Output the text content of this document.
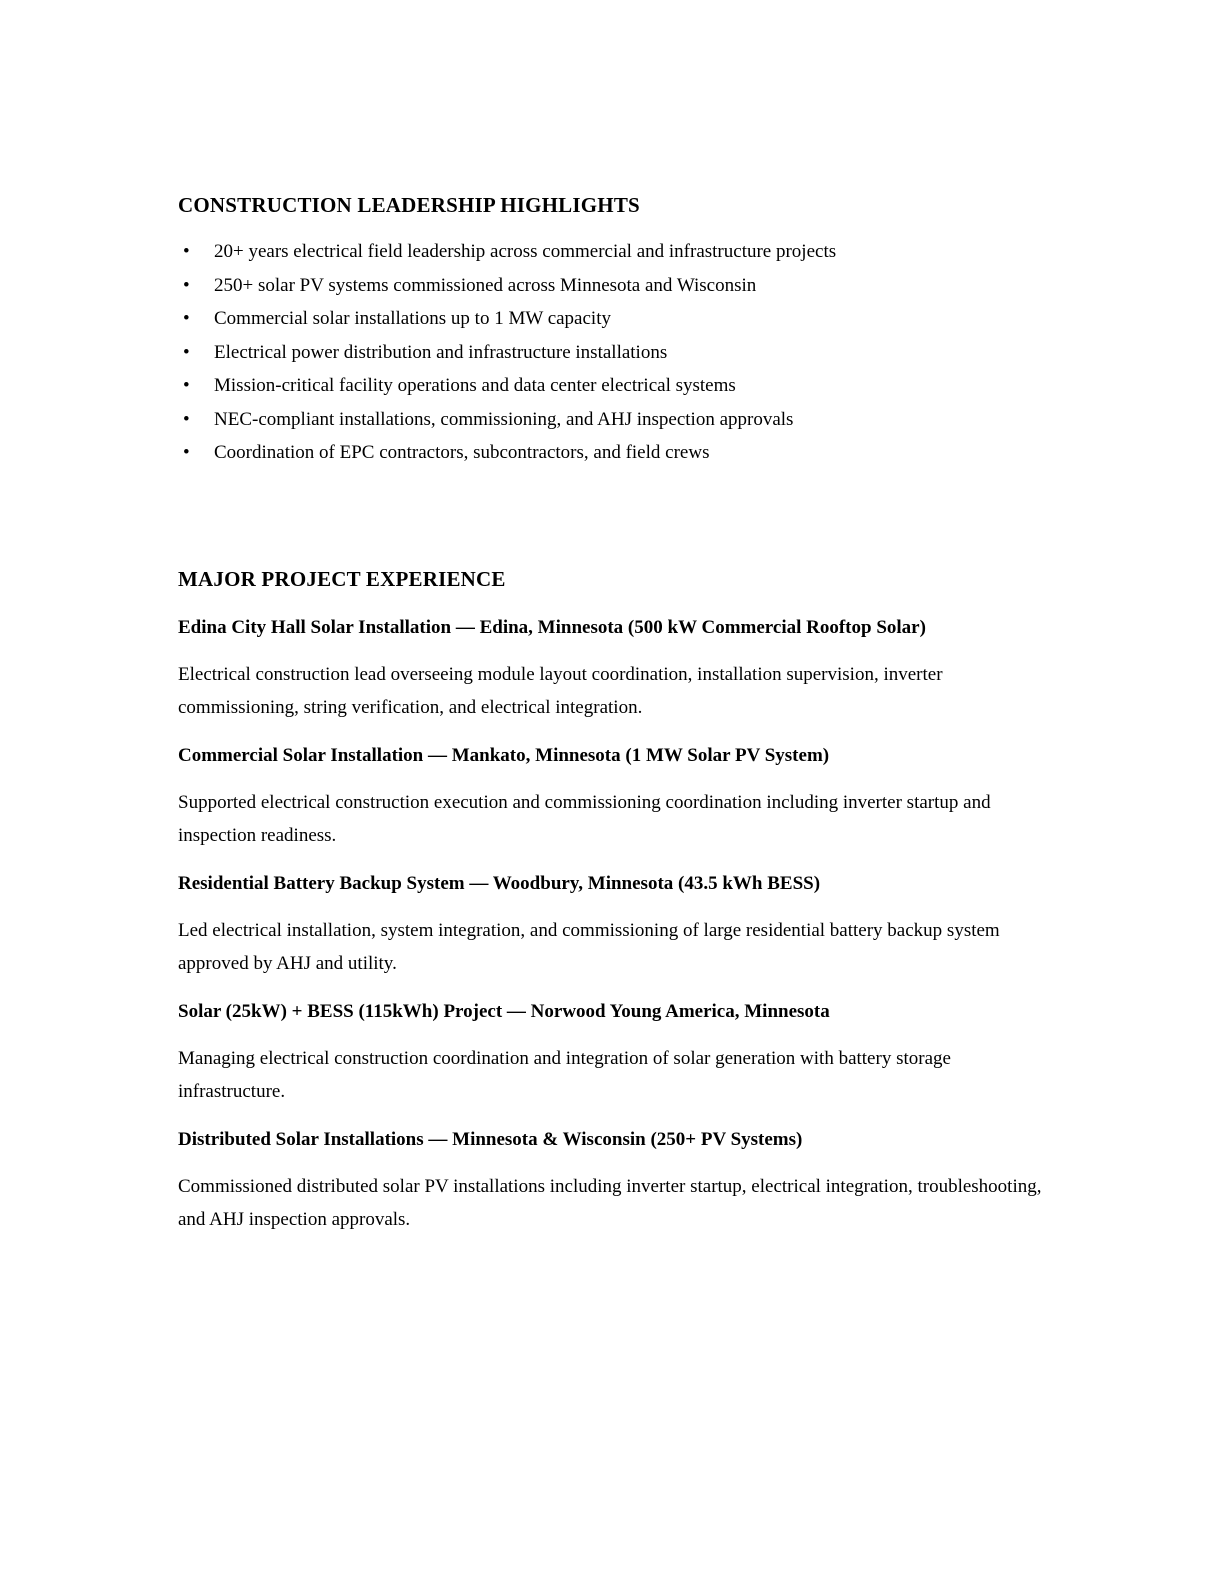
CONSTRUCTION LEADERSHIP HIGHLIGHTS
• 20+ years electrical field leadership across commercial and infrastructure projects
• 250+ solar PV systems commissioned across Minnesota and Wisconsin
• Commercial solar installations up to 1 MW capacity
• Electrical power distribution and infrastructure installations
• Mission-critical facility operations and data center electrical systems
• NEC-compliant installations, commissioning, and AHJ inspection approvals
• Coordination of EPC contractors, subcontractors, and field crews
MAJOR PROJECT EXPERIENCE
Edina City Hall Solar Installation — Edina, Minnesota (500 kW Commercial Rooftop Solar)

Electrical construction lead overseeing module layout coordination, installation supervision, inverter commissioning, string verification, and electrical integration.

Commercial Solar Installation — Mankato, Minnesota (1 MW Solar PV System)

Supported electrical construction execution and commissioning coordination including inverter startup and inspection readiness.

Residential Battery Backup System — Woodbury, Minnesota (43.5 kWh BESS)

Led electrical installation, system integration, and commissioning of large residential battery backup system approved by AHJ and utility.

Solar (25kW) + BESS (115kWh) Project — Norwood Young America, Minnesota

Managing electrical construction coordination and integration of solar generation with battery storage infrastructure.

Distributed Solar Installations — Minnesota & Wisconsin (250+ PV Systems)

Commissioned distributed solar PV installations including inverter startup, electrical integration, troubleshooting, and AHJ inspection approvals.
